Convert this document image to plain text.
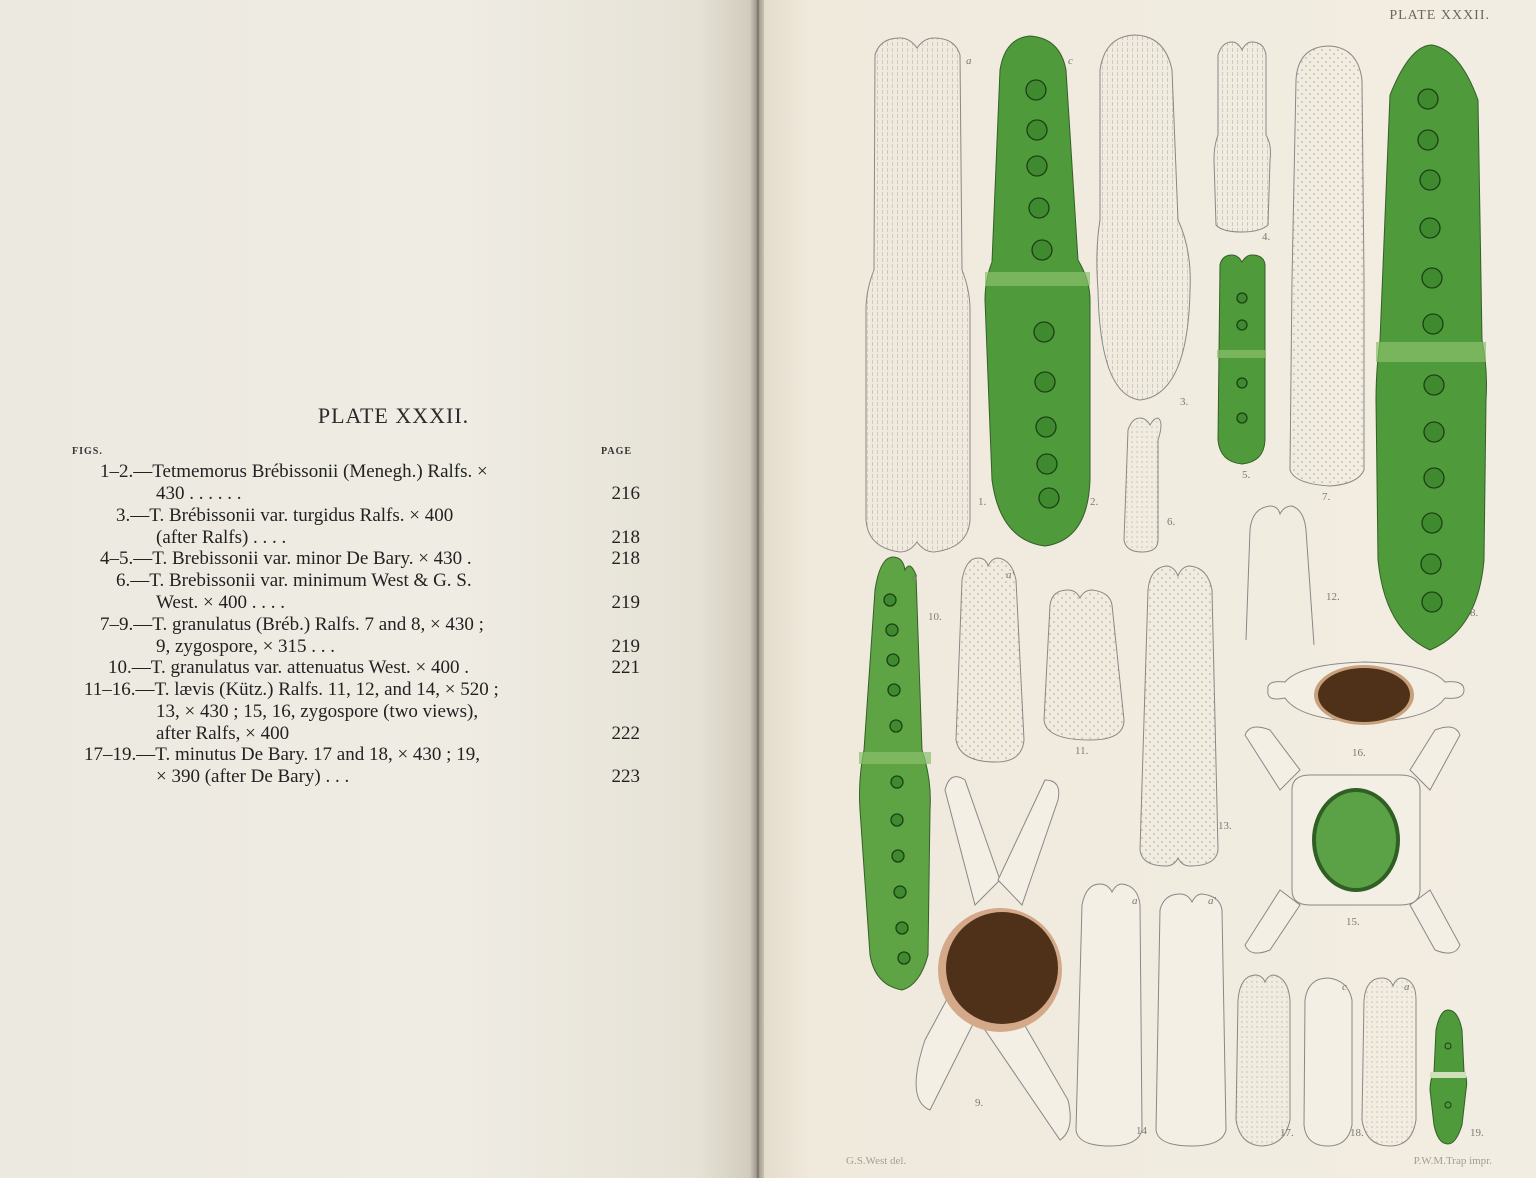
PLATE XXXII.
FIGS.	PAGE
1–2.—Tetmemorus Brébissonii (Menegh.) Ralfs. ×
430 . . . . . .	216
3.—T. Brébissonii var. turgidus Ralfs. × 400
(after Ralfs) . . . .	218
4–5.—T. Brebissonii var. minor De Bary. × 430 .	218
6.—T. Brebissonii var. minimum West & G. S.
West. × 400 . . . .	219
7–9.—T. granulatus (Bréb.) Ralfs. 7 and 8, × 430 ;
9, zygospore, × 315 . . .	219
10.—T. granulatus var. attenuatus West. × 400 .	221
11–16.—T. lævis (Kütz.) Ralfs. 11, 12, and 14, × 520 ;
13, × 430 ; 15, 16, zygospore (two views),
after Ralfs, × 400	222
17–19.—T. minutus De Bary. 17 and 18, × 430 ; 19,
× 390 (after De Bary) . . .	223
PLATE XXXII.
G.S.West del.	P.W.M.Trap impr.
1.	2.
3.
4.
5.
6.
7.
8.
9.
10.
11.
12.
13.
14
15.
16.
17.	18.	19.
a	c
a	a'
a	a'
c	a
